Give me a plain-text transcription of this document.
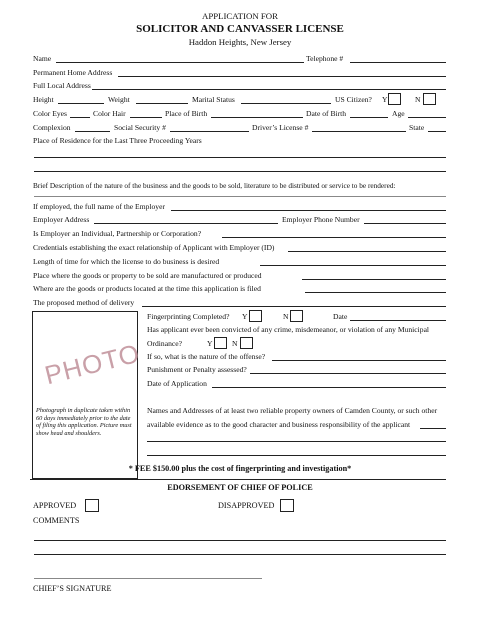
APPLICATION FOR
SOLICITOR AND CANVASSER LICENSE
Haddon Heights, New Jersey
Name	Telephone #
Permanent Home Address
Full Local Address
Height	Weight	Marital Status	US Citizen? Y	N
Color Eyes	Color Hair	Place of Birth	Date of Birth	Age
Complexion	Social Security #	Driver’s License #	State
Place of Residence for the Last Three Proceeding Years
Brief Description of the nature of the business and the goods to be sold, literature to be distributed or service to be rendered:
If employed, the full name of the Employer
Employer Address	Employer Phone Number
Is Employer an Individual, Partnership or Corporation?
Credentials establishing the exact relationship of Applicant with Employer (ID)
Length of time for which the license to do business is desired
Place where the goods or property to be sold are manufactured or produced
Where are the goods or products located at the time this application is filed
The proposed method of delivery
PHOTO
Photograph in duplicate taken within 60 days immediately prior to the date of filing this application. Picture must show head and shoulders.
Fingerprinting Completed? Y	N	Date
Has applicant ever been convicted of any crime, misdemeanor, or violation of any Municipal
Ordinance?	Y	N
If so, what is the nature of the offense?
Punishment or Penalty assessed?
Date of Application
Names and Addresses of at least two reliable property owners of Camden County, or such other
available evidence as to the good character and business responsibility of the applicant
* FEE $150.00 plus the cost of fingerprinting and investigation*
EDORSEMENT OF CHIEF OF POLICE
APPROVED	DISAPPROVED
COMMENTS
CHIEF’S SIGNATURE
